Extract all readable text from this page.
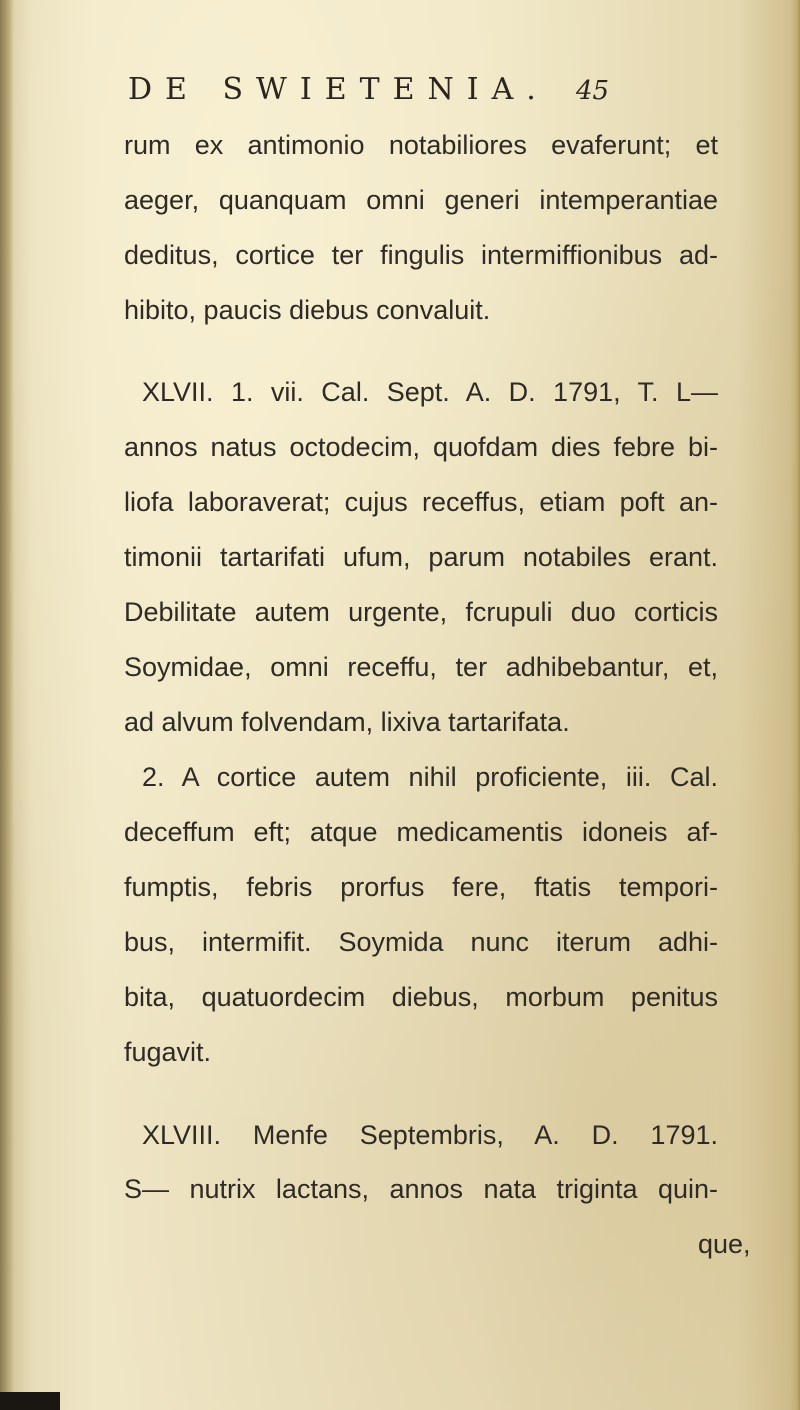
DE SWIETENIA. 45
rum ex antimonio notabiliores evaferunt; et
aeger, quanquam omni generi intemperantiae
deditus, cortice ter fingulis intermiffionibus ad-
hibito, paucis diebus convaluit.
XLVII. 1. vii. Cal. Sept. A. D. 1791, T. L—
annos natus octodecim, quofdam dies febre bi-
liofa laboraverat; cujus receffus, etiam poft an-
timonii tartarifati ufum, parum notabiles erant.
Debilitate autem urgente, fcrupuli duo corticis
Soymidae, omni receffu, ter adhibebantur, et,
ad alvum folvendam, lixiva tartarifata.
2. A cortice autem nihil proficiente, iii. Cal.
deceffum eft; atque medicamentis idoneis af-
fumptis, febris prorfus fere, ftatis tempori-
bus, intermifit. Soymida nunc iterum adhi-
bita, quatuordecim diebus, morbum penitus
fugavit.
XLVIII. Menfe Septembris, A. D. 1791.
S— nutrix lactans, annos nata triginta quin-
que,
